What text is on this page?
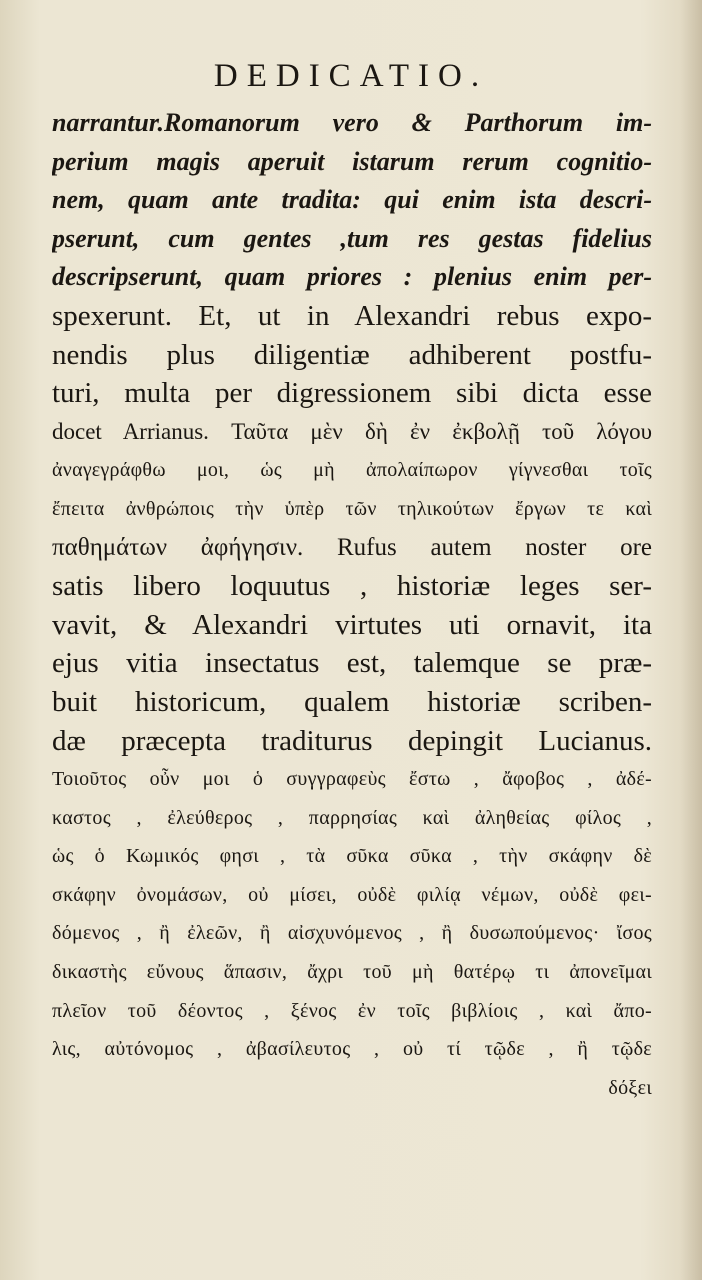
DEDICATIO.
narrantur.Romanorum vero & Parthorum im-
perium magis aperuit istarum rerum cognitio-
nem, quam ante tradita: qui enim ista descri-
pserunt, cum gentes ,tum res gestas fidelius
descripserunt, quam priores : plenius enim per-
spexerunt. Et, ut in Alexandri rebus expo-
nendis plus diligentiæ adhiberent postfu-
turi, multa per digressionem sibi dicta esse
docet Arrianus. Ταῦτα μὲν δὴ ἐν ἐκβολῇ τοῦ λόγου
ἀναγεγράφθω μοι, ὡς μὴ ἀπολαίπωρον γίγνεσθαι τοῖς
ἔπειτα ἀνθρώποις τὴν ὑπὲρ τῶν τηλικούτων ἔργων τε καὶ
παθημάτων ἀφήγησιν. Rufus autem noster ore
satis libero loquutus , historiæ leges ser-
vavit, & Alexandri virtutes uti ornavit, ita
ejus vitia insectatus est, talemque se præ-
buit historicum, qualem historiæ scriben-
dæ præcepta traditurus depingit Lucianus.
Τοιοῦτος οὖν μοι ὁ συγγραφεὺς ἔστω , ἄφοβος , ἀδέ-
καστος , ἐλεύθερος , παρρησίας καὶ ἀληθείας φίλος ,
ὡς ὁ Κωμικός φησι , τὰ σῦκα σῦκα , τὴν σκάφην δὲ
σκάφην ὀνομάσων, οὐ μίσει, οὐδὲ φιλίᾳ νέμων, οὐδὲ φει-
δόμενος , ἢ ἐλεῶν, ἢ αἰσχυνόμενος , ἢ δυσωπούμενος· ἴσος
δικαστὴς εὔνους ἅπασιν, ἄχρι τοῦ μὴ θατέρῳ τι ἀπονεῖμαι
πλεῖον τοῦ δέοντος , ξένος ἐν τοῖς βιβλίοις , καὶ ἄπο-
λις, αὐτόνομος , ἀβασίλευτος , οὐ τί τῷδε , ἢ τῷδε
δόξει
